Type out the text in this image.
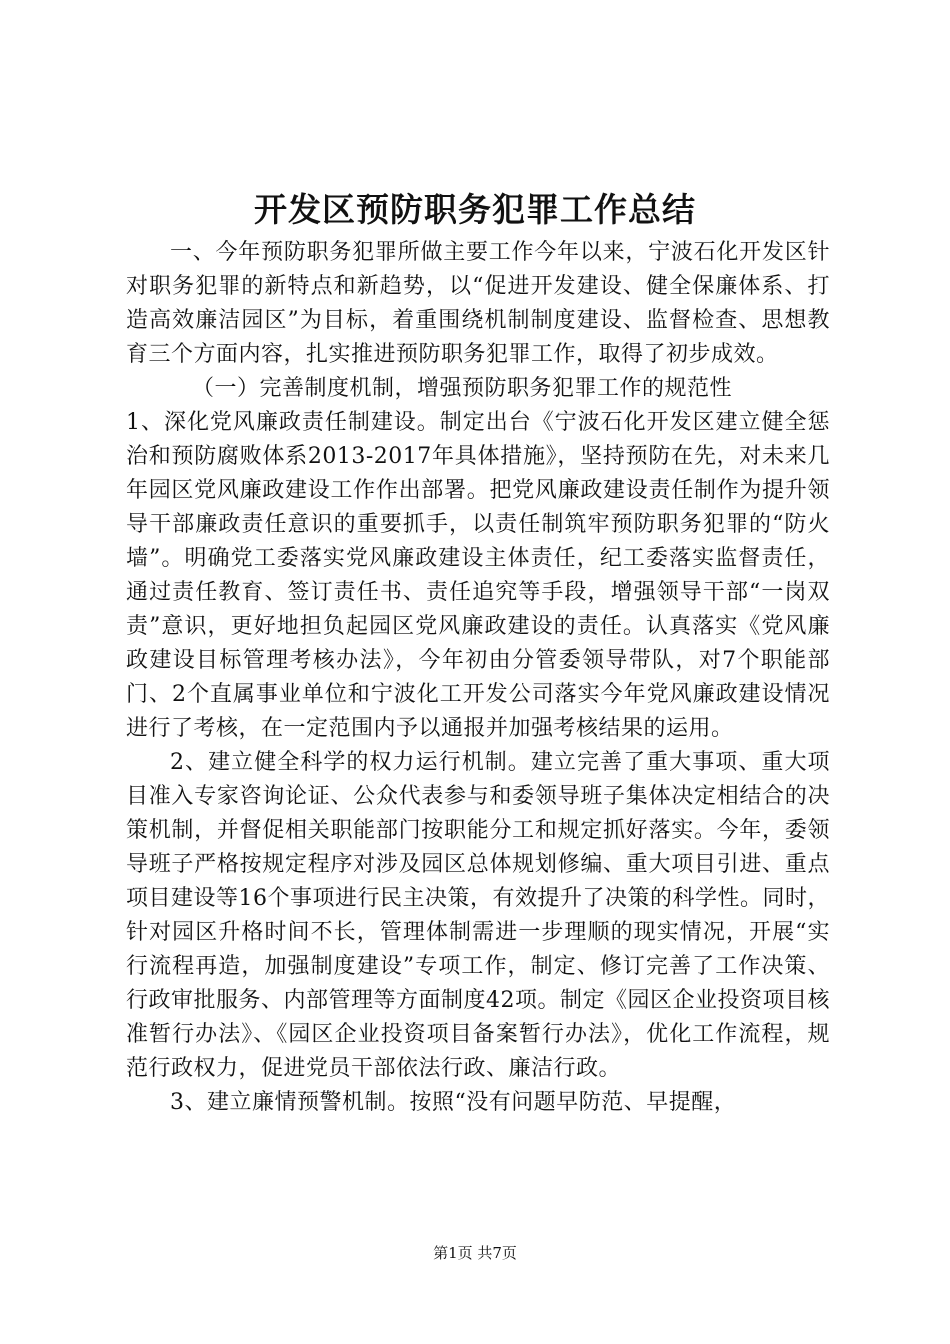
开发区预防职务犯罪工作总结

一、今年预防职务犯罪所做主要工作今年以来，宁波石化开发区针对职务犯罪的新特点和新趋势，以“促进开发建设、健全保廉体系、打造高效廉洁园区”为目标，着重围绕机制制度建设、监督检查、思想教育三个方面内容，扎实推进预防职务犯罪工作，取得了初步成效。

（一）完善制度机制，增强预防职务犯罪工作的规范性

1、深化党风廉政责任制建设。制定出台《宁波石化开发区建立健全惩治和预防腐败体系2013-2017年具体措施》，坚持预防在先，对未来几年园区党风廉政建设工作作出部署。把党风廉政建设责任制作为提升领导干部廉政责任意识的重要抓手，以责任制筑牢预防职务犯罪的“防火墙”。明确党工委落实党风廉政建设主体责任，纪工委落实监督责任，通过责任教育、签订责任书、责任追究等手段，增强领导干部“一岗双责”意识，更好地担负起园区党风廉政建设的责任。认真落实《党风廉政建设目标管理考核办法》，今年初由分管委领导带队，对7个职能部门、2个直属事业单位和宁波化工开发公司落实今年党风廉政建设情况进行了考核，在一定范围内予以通报并加强考核结果的运用。

2、建立健全科学的权力运行机制。建立完善了重大事项、重大项目准入专家咨询论证、公众代表参与和委领导班子集体决定相结合的决策机制，并督促相关职能部门按职能分工和规定抓好落实。今年，委领导班子严格按规定程序对涉及园区总体规划修编、重大项目引进、重点项目建设等16个事项进行民主决策，有效提升了决策的科学性。同时，针对园区升格时间不长，管理体制需进一步理顺的现实情况，开展“实行流程再造，加强制度建设”专项工作，制定、修订完善了工作决策、行政审批服务、内部管理等方面制度42项。制定《园区企业投资项目核准暂行办法》、《园区企业投资项目备案暂行办法》，优化工作流程，规范行政权力，促进党员干部依法行政、廉洁行政。

3、建立廉情预警机制。按照“没有问题早防范、早提醒，

第1页 共7页
